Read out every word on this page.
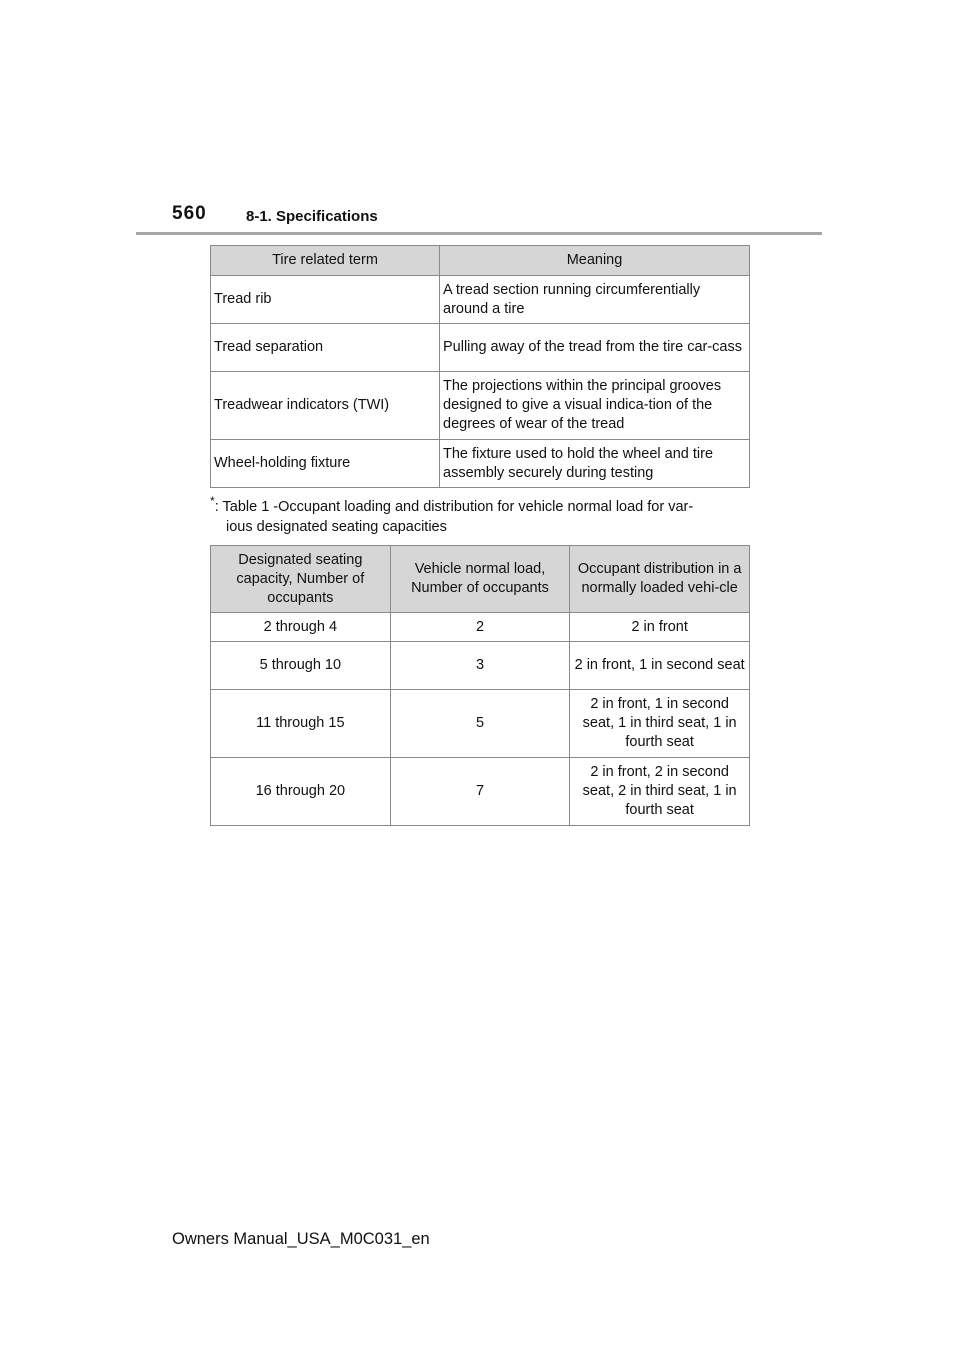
560	8-1. Specifications
Tire related term	Meaning
Tread rib	A tread section running circumferentially around a tire
Tread separation	Pulling away of the tread from the tire car-cass
Treadwear indicators (TWI)	The projections within the principal grooves designed to give a visual indica-tion of the degrees of wear of the tread
Wheel-holding fixture	The fixture used to hold the wheel and tire assembly securely during testing
*: Table 1 -Occupant loading and distribution for vehicle normal load for var-
ious designated seating capacities
Designated seating capacity, Number of occupants	Vehicle normal load, Number of occupants	Occupant distribution in a normally loaded vehi-cle
2 through 4	2	2 in front
5 through 10	3	2 in front, 1 in second seat
11 through 15	5	2 in front, 1 in second seat, 1 in third seat, 1 in fourth seat
16 through 20	7	2 in front, 2 in second seat, 2 in third seat, 1 in fourth seat
Owners Manual_USA_M0C031_en
